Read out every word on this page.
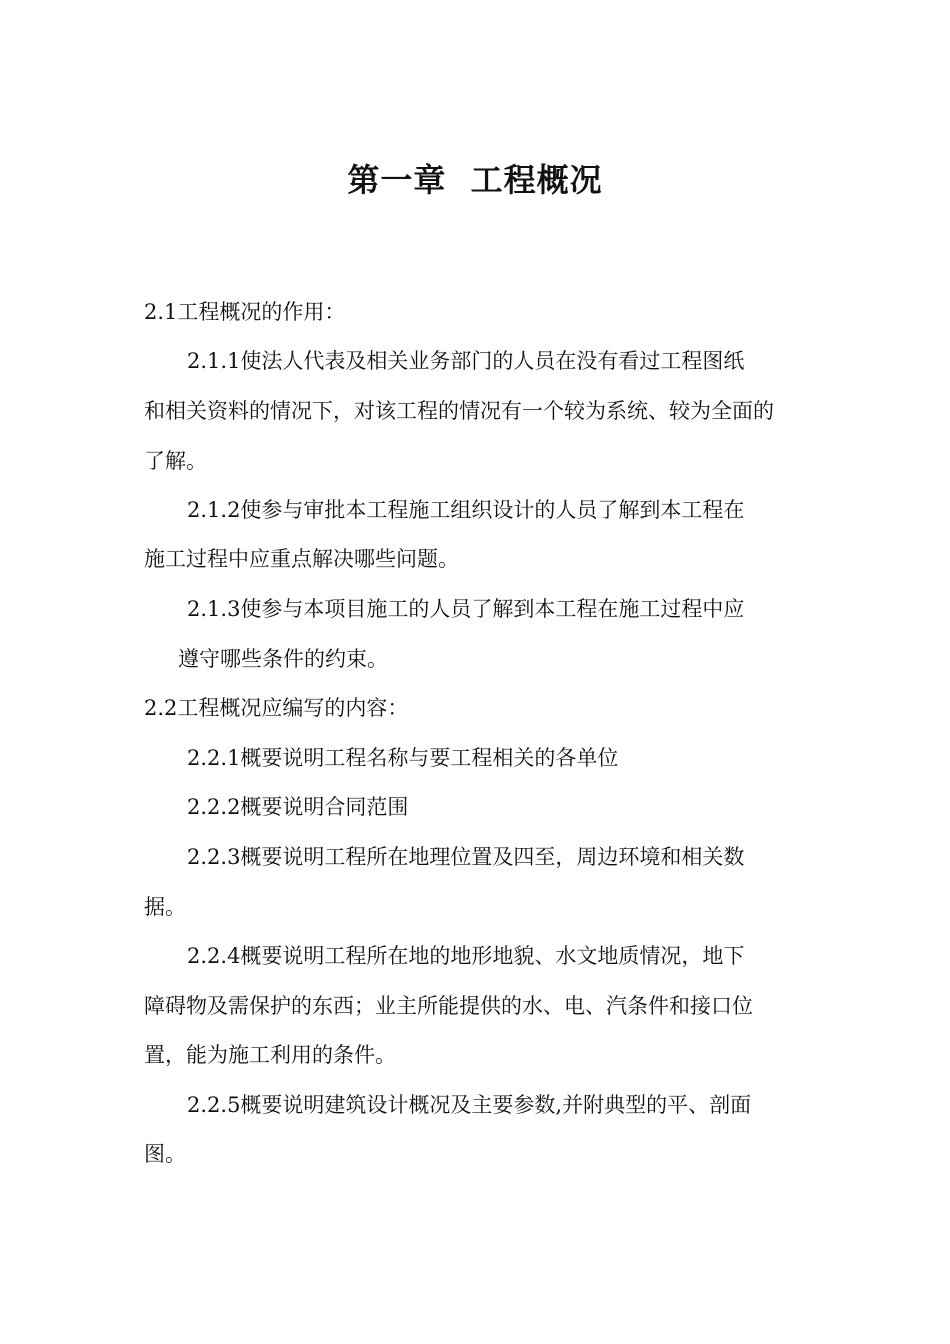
第一章  工程概况
2.1工程概况的作用：
2.1.1使法人代表及相关业务部门的人员在没有看过工程图纸
和相关资料的情况下，对该工程的情况有一个较为系统、较为全面的
了解。
2.1.2使参与审批本工程施工组织设计的人员了解到本工程在
施工过程中应重点解决哪些问题。
2.1.3使参与本项目施工的人员了解到本工程在施工过程中应
遵守哪些条件的约束。
2.2工程概况应编写的内容：
2.2.1概要说明工程名称与要工程相关的各单位
2.2.2概要说明合同范围
2.2.3概要说明工程所在地理位置及四至，周边环境和相关数
据。
2.2.4概要说明工程所在地的地形地貌、水文地质情况，地下
障碍物及需保护的东西；业主所能提供的水、电、汽条件和接口位
置，能为施工利用的条件。
2.2.5概要说明建筑设计概况及主要参数,并附典型的平、剖面
图。
